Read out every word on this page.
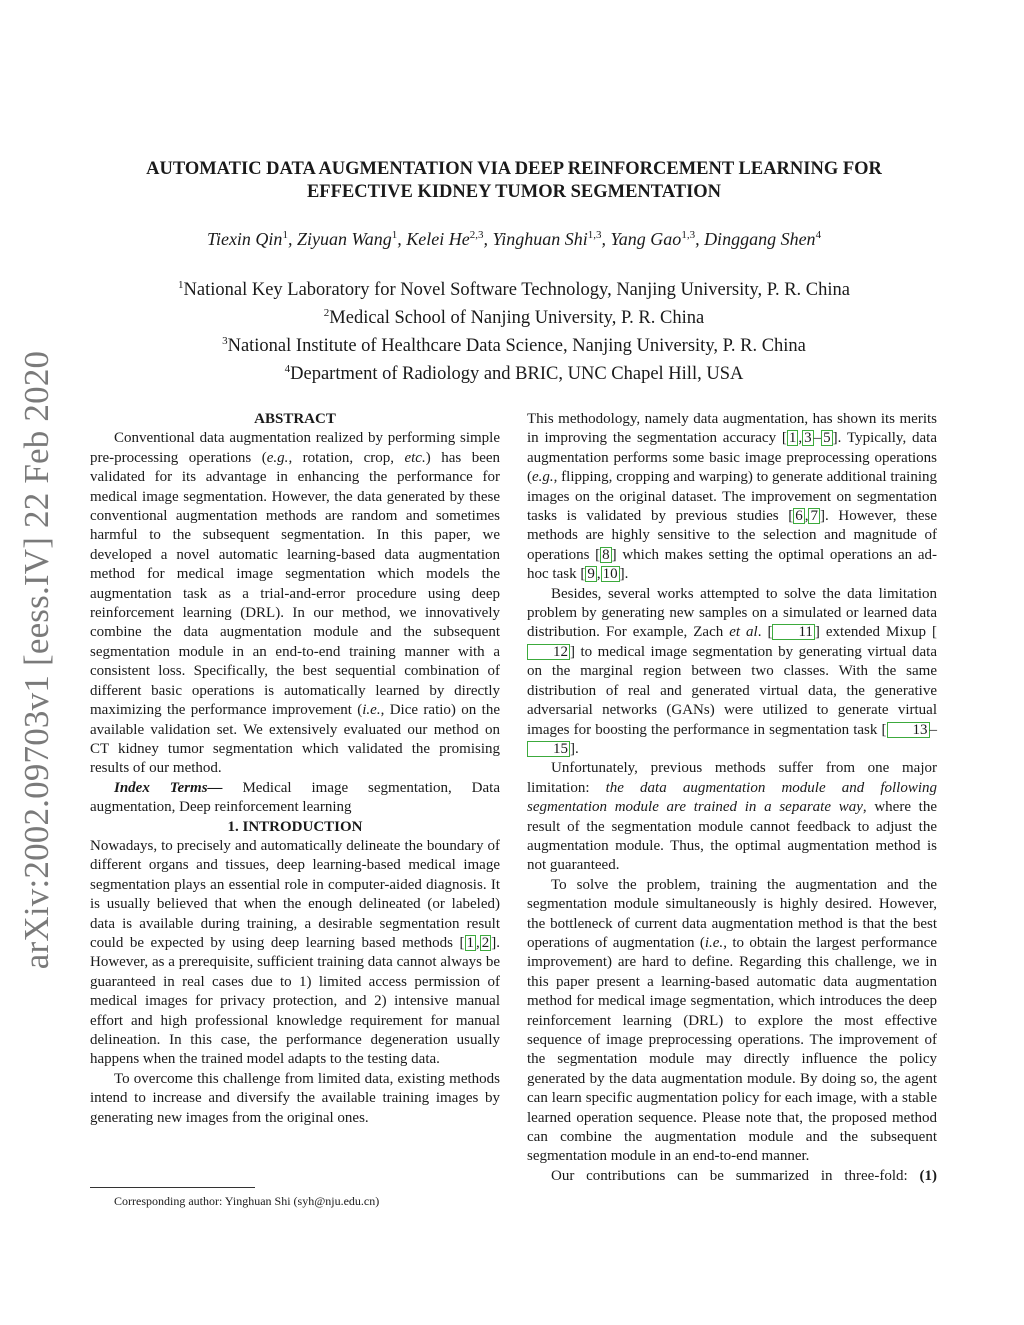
arXiv:2002.09703v1 [eess.IV] 22 Feb 2020
AUTOMATIC DATA AUGMENTATION VIA DEEP REINFORCEMENT LEARNING FOR
EFFECTIVE KIDNEY TUMOR SEGMENTATION
Tiexin Qin$^1$, Ziyuan Wang$^1$, Kelei He$^{2,3}$, Yinghuan Shi$^{1,3}$, Yang Gao$^{1,3}$, Dinggang Shen$^4$
$^1$National Key Laboratory for Novel Software Technology, Nanjing University, P. R. China
$^2$Medical School of Nanjing University, P. R. China
$^3$National Institute of Healthcare Data Science, Nanjing University, P. R. China
$^4$Department of Radiology and BRIC, UNC Chapel Hill, USA

ABSTRACT

Conventional data augmentation realized by performing simple pre-processing operations (e.g., rotation, crop, etc.) has been validated for its advantage in enhancing the performance for medical image segmentation. However, the data generated by these conventional augmentation methods are random and sometimes harmful to the subsequent segmentation. In this paper, we developed a novel automatic learning-based data augmentation method for medical image segmentation which models the augmentation task as a trial-and-error procedure using deep reinforcement learning (DRL). In our method, we innovatively combine the data augmentation module and the subsequent segmentation module in an end-to-end training manner with a consistent loss. Specifically, the best sequential combination of different basic operations is automatically learned by directly maximizing the performance improvement (i.e., Dice ratio) on the available validation set. We extensively evaluated our method on CT kidney tumor segmentation which validated the promising results of our method.

Index Terms— Medical image segmentation, Data augmentation, Deep reinforcement learning

1. INTRODUCTION

Nowadays, to precisely and automatically delineate the boundary of different organs and tissues, deep learning-based medical image segmentation plays an essential role in computer-aided diagnosis. It is usually believed that when the enough delineated (or labeled) data is available during training, a desirable segmentation result could be expected by using deep learning based methods [ 1 , 2 ]. However, as a prerequisite, sufficient training data cannot always be guaranteed in real cases due to 1) limited access permission of medical images for privacy protection, and 2) intensive manual effort and high professional knowledge requirement for manual delineation. In this case, the performance degeneration usually happens when the trained model adapts to the testing data.

To overcome this challenge from limited data, existing methods intend to increase and diversify the available training images by generating new images from the original ones.

This methodology, namely data augmentation, has shown its merits in improving the segmentation accuracy [ 1 , 3 – 5 ]. Typically, data augmentation performs some basic image preprocessing operations (e.g., flipping, cropping and warping) to generate additional training images on the original dataset. The improvement on segmentation tasks is validated by previous studies [ 6 , 7 ]. However, these methods are highly sensitive to the selection and magnitude of operations [ 8 ] which makes setting the optimal operations an ad-hoc task [ 9 , 10 ].

Besides, several works attempted to solve the data limitation problem by generating new samples on a simulated or learned data distribution. For example, Zach et al. [ 11 ] extended Mixup [12 ] to medical image segmentation by generating virtual data on the marginal region between two classes. With the same distribution of real and generated virtual data, the generative adversarial networks (GANs) were utilized to generate virtual images for boosting the performance in segmentation task [ 13 –15 ].

Unfortunately, previous methods suffer from one major limitation: the data augmentation module and following segmentation module are trained in a separate way, where the result of the segmentation module cannot feedback to adjust the augmentation module. Thus, the optimal augmentation method is not guaranteed.

To solve the problem, training the augmentation and the segmentation module simultaneously is highly desired. However, the bottleneck of current data augmentation method is that the best operations of augmentation (i.e., to obtain the largest performance improvement) are hard to define. Regarding this challenge, we in this paper present a learning-based automatic data augmentation method for medical image segmentation, which introduces the deep reinforcement learning (DRL) to explore the most effective sequence of image preprocessing operations. The improvement of the segmentation module may directly influence the policy generated by the data augmentation module. By doing so, the agent can learn specific augmentation policy for each image, with a stable learned operation sequence. Please note that, the proposed method can combine the augmentation module and the subsequent segmentation module in an end-to-end manner.

Our contributions can be summarized in three-fold: (1)

Corresponding author: Yinghuan Shi (syh@nju.edu.cn)
